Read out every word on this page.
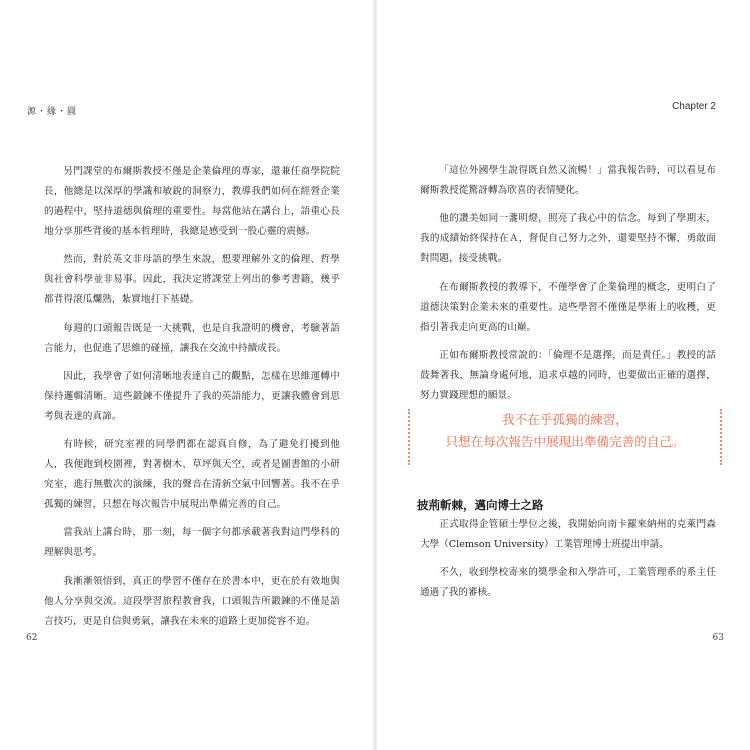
源・緣・圓

另門課堂的布爾斯教授不僅是企業倫理的專家，還兼任商學院院長，他總是以深厚的學識和敏銳的洞察力，教導我們如何在經營企業的過程中，堅持道德與倫理的重要性。每當他站在講台上，語重心長地分享那些背後的基本哲理時，我總是感受到一股心靈的震撼。

然而，對於英文非母語的學生來說，想要理解外文的倫理、哲學與社會科學並非易事。因此，我決定將課堂上列出的參考書籍，幾乎都背得滾瓜爛熟，紮實地打下基礎。

每週的口頭報告既是一大挑戰，也是自我證明的機會，考驗著語言能力，也促進了思維的碰撞，讓我在交流中持續成長。

因此，我學會了如何清晰地表達自己的觀點，怎樣在思維運轉中保持邏輯清晰。這些鍛鍊不僅提升了我的英語能力，更讓我體會到思考與表達的真諦。

有時候，研究室裡的同學們都在認真自修，為了避免打擾到他人，我便跑到校園裡，對著樹木、草坪與天空，或者是圖書館的小研究室，進行無數次的演練，我的聲音在清新空氣中回響著。我不在乎孤獨的練習，只想在每次報告中展現出準備完善的自己。

當我站上講台時，那一刻，每一個字句都承載著我對這門學科的理解與思考。

我漸漸領悟到，真正的學習不僅存在於書本中，更在於有效地與他人分享與交流。這段學習旅程教會我，口頭報告所鍛鍊的不僅是語言技巧，更是自信與勇氣，讓我在未來的道路上更加從容不迫。

62
Chapter 2

「這位外國學生說得既自然又流暢！」當我報告時，可以看見布爾斯教授從驚訝轉為欣喜的表情變化。

他的讚美如同一盞明燈，照亮了我心中的信念。每到了學期末，我的成績始終保持在Ａ，督促自己努力之外，還要堅持不懈，勇敢面對問題，接受挑戰。

在布爾斯教授的教導下，不僅學會了企業倫理的概念，更明白了道德決策對企業未來的重要性。這些學習不僅僅是學術上的收穫，更指引著我走向更高的山巔。

正如布爾斯教授常說的：「倫理不是選擇，而是責任。」教授的話鼓舞著我，無論身處何地，追求卓越的同時，也要做出正確的選擇，努力實踐理想的願景。

我不在乎孤獨的練習，
只想在每次報告中展現出準備完善的自己。
披荊斬棘，邁向博士之路

正式取得企管碩士學位之後，我開始向南卡羅來納州的克萊門森大學（Clemson University）工業管理博士班提出申請。

不久，收到學校寄來的獎學金和入學許可，工業管理系的系主任通過了我的審核。

63
